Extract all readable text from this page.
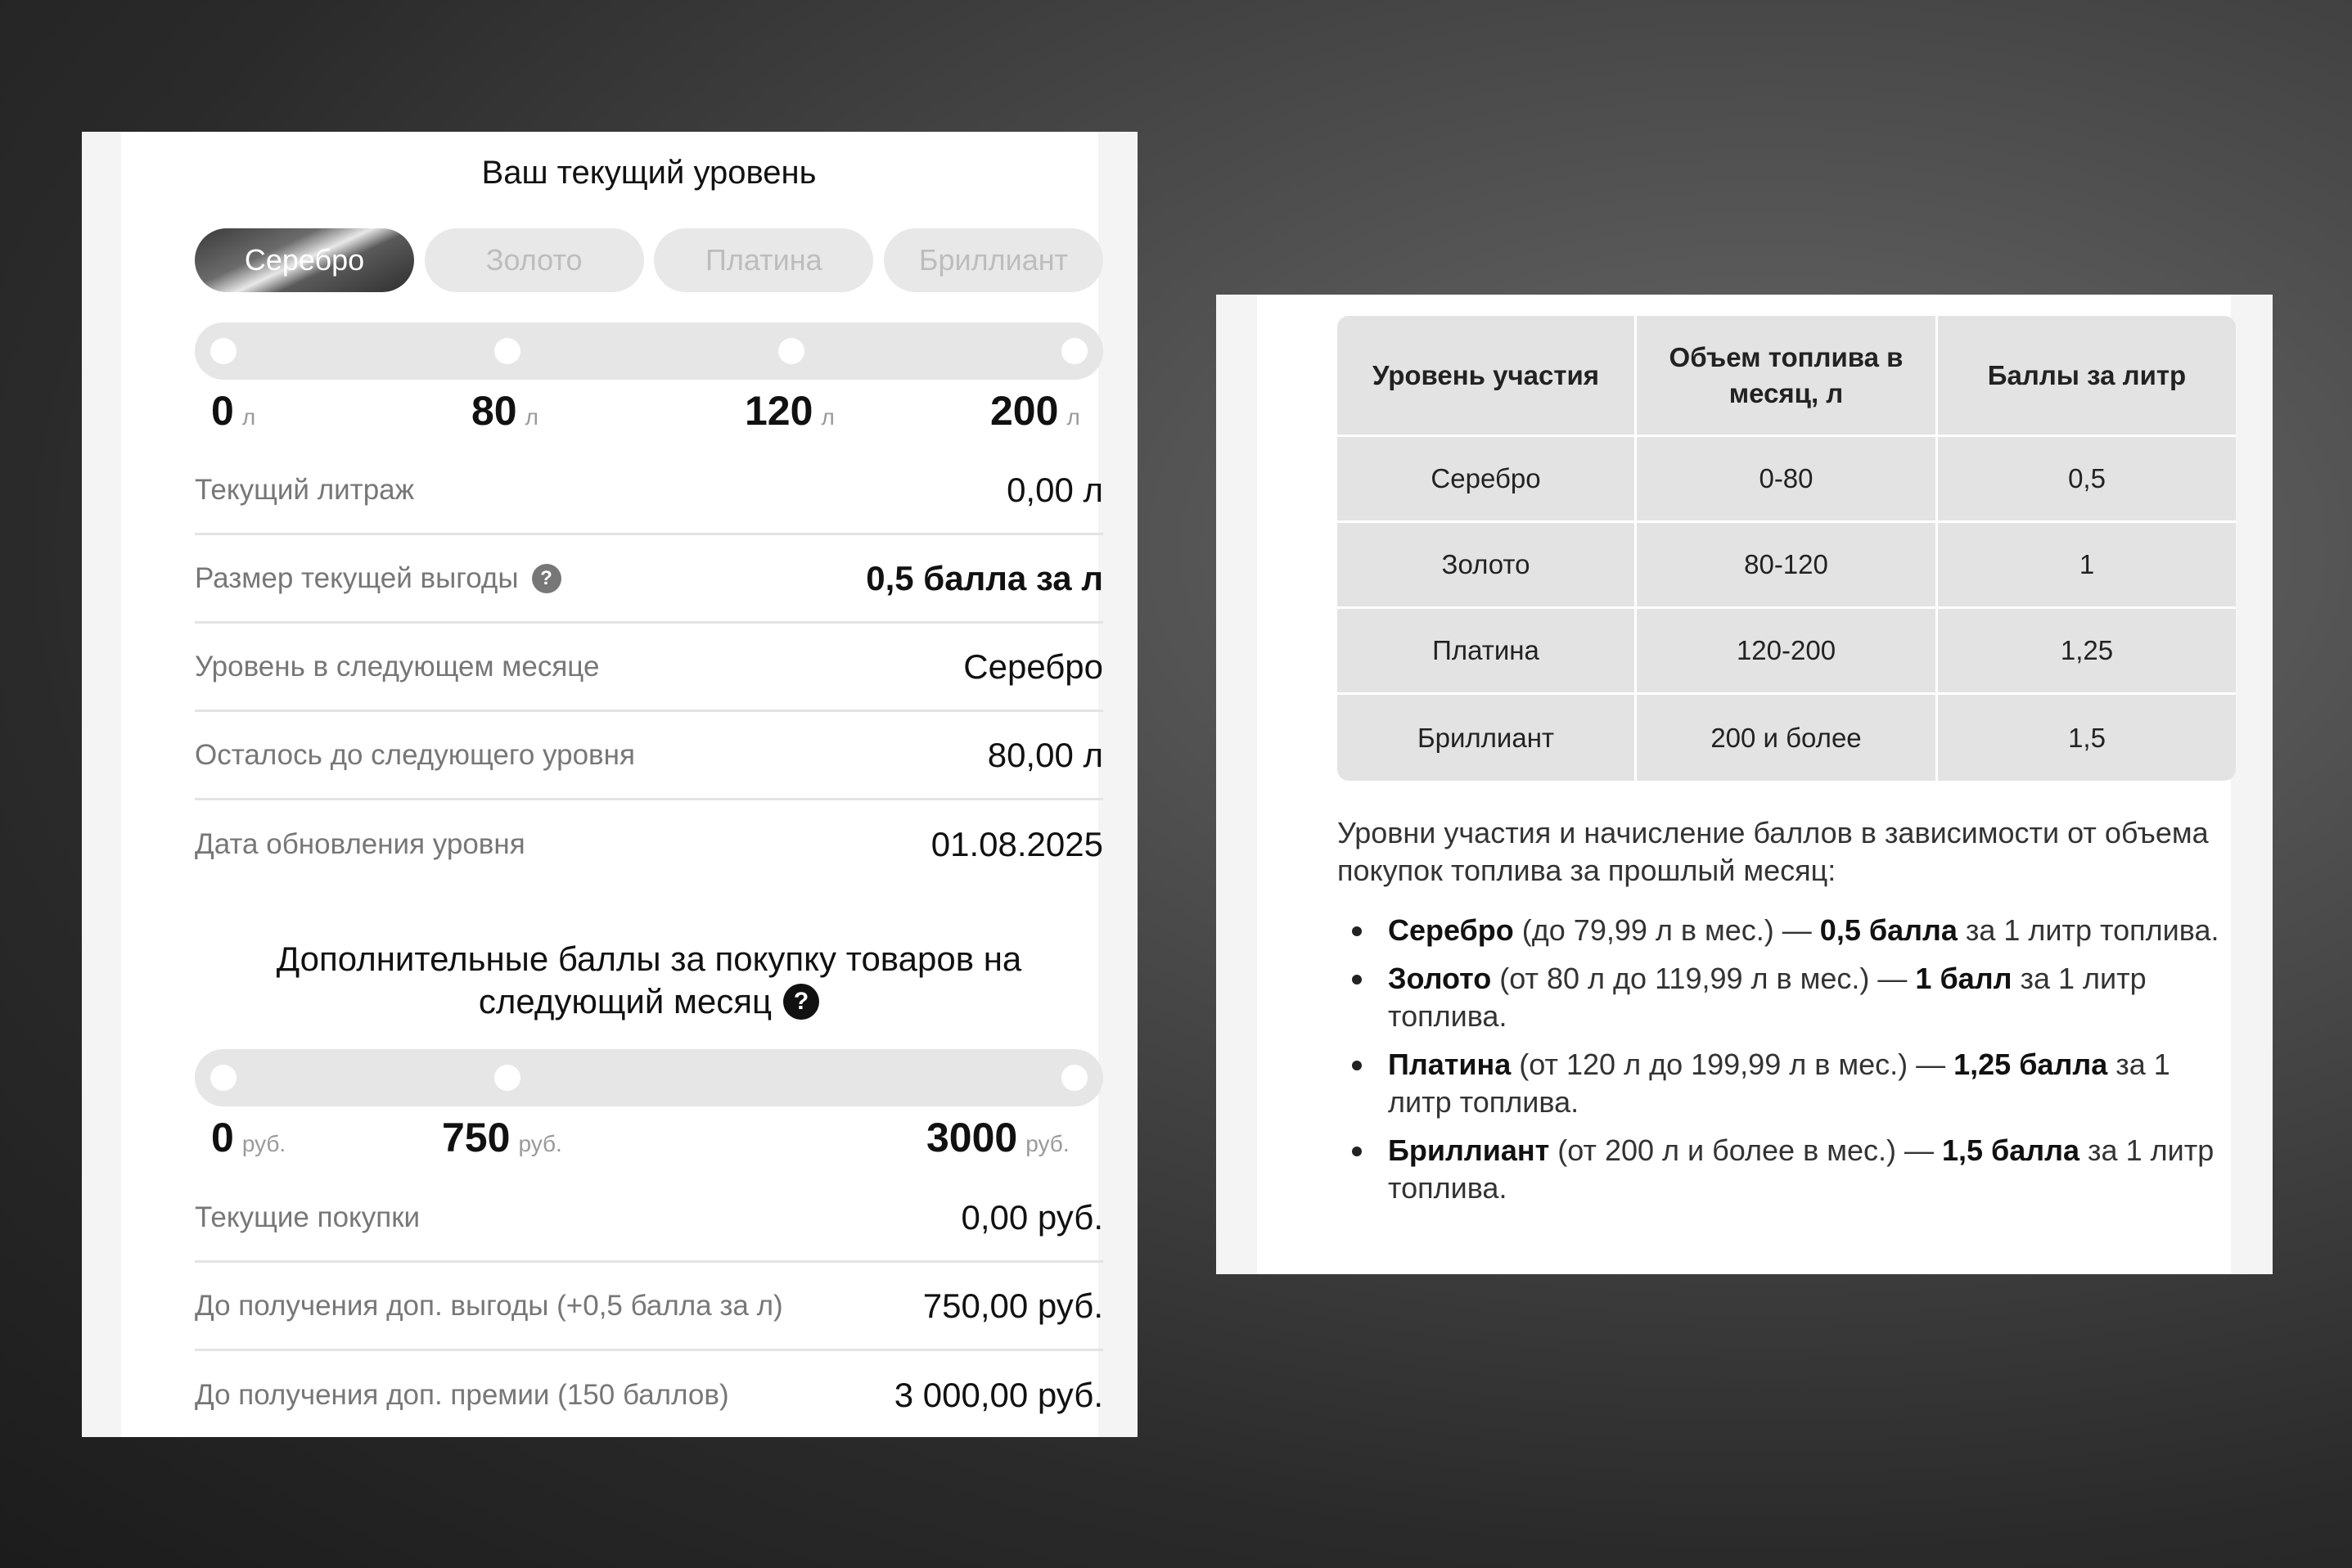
Ваш текущий уровень
Серебро	Золото	Платина	Бриллиант
0 л	80 л	120 л	200 л
Текущий литраж	0,00 л
Размер текущей выгоды	?	0,5 балла за л
Уровень в следующем месяце	Серебро
Осталось до следующего уровня	80,00 л
Дата обновления уровня	01.08.2025
Дополнительные баллы за покупку товаров на
следующий месяц ?
0 руб.	750 руб.	3000 руб.
Текущие покупки	0,00 руб.
До получения доп. выгоды (+0,5 балла за л)	750,00 руб.
До получения доп. премии (150 баллов)	3 000,00 руб.
Уровень участия	Объем топлива в месяц, л	Баллы за литр
Серебро	0-80	0,5
Золото	80-120	1
Платина	120-200	1,25
Бриллиант	200 и более	1,5

Уровни участия и начисление баллов в зависимости от объема покупок топлива за прошлый месяц:

Серебро (до 79,99 л в мес.) — 0,5 балла за 1 литр топлива.
Золото (от 80 л до 119,99 л в мес.) — 1 балл за 1 литр топлива.
Платина (от 120 л до 199,99 л в мес.) — 1,25 балла за 1 литр топлива.
Бриллиант (от 200 л и более в мес.) — 1,5 балла за 1 литр топлива.
